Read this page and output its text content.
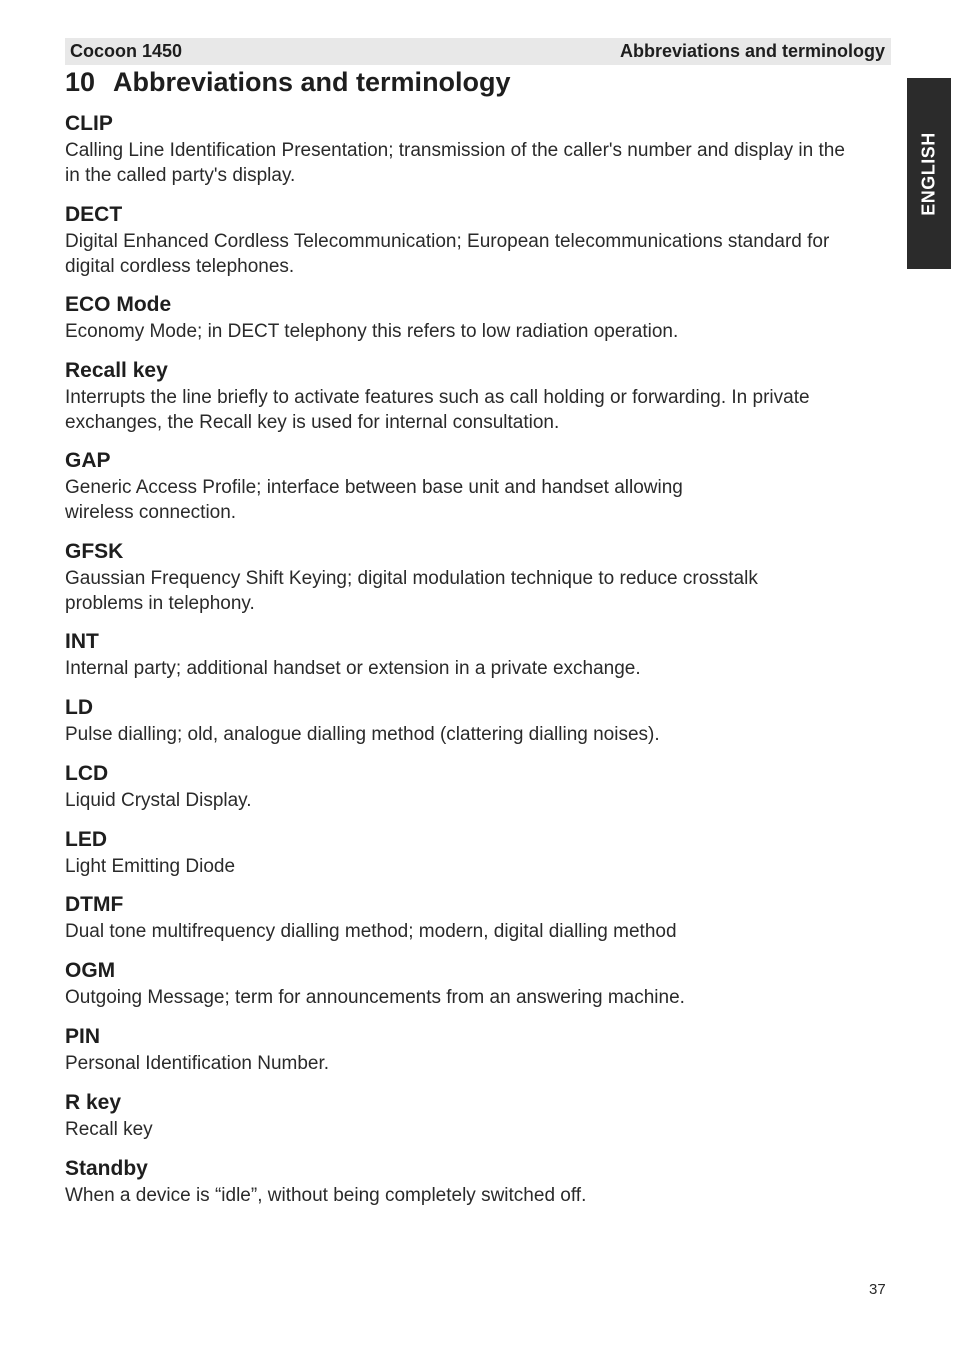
Cocoon 1450	Abbreviations and terminology
ENGLISH
10 Abbreviations and terminology

CLIP

Calling Line Identification Presentation; transmission of the caller's number and display in the
in the called party's display.

DECT

Digital Enhanced Cordless Telecommunication; European telecommunications standard for
digital cordless telephones.

ECO Mode

Economy Mode; in DECT telephony this refers to low radiation operation.

Recall key

Interrupts the line briefly to activate features such as call holding or forwarding. In private
exchanges, the Recall key is used for internal consultation.

GAP

Generic Access Profile; interface between base unit and handset allowing
wireless connection.

GFSK

Gaussian Frequency Shift Keying; digital modulation technique to reduce crosstalk
problems in telephony.

INT

Internal party; additional handset or extension in a private exchange.

LD

Pulse dialling; old, analogue dialling method (clattering dialling noises).

LCD

Liquid Crystal Display.

LED

Light Emitting Diode

DTMF

Dual tone multifrequency dialling method; modern, digital dialling method

OGM

Outgoing Message; term for announcements from an answering machine.

PIN

Personal Identification Number.

R key

Recall key

Standby

When a device is “idle”, without being completely switched off.
37
